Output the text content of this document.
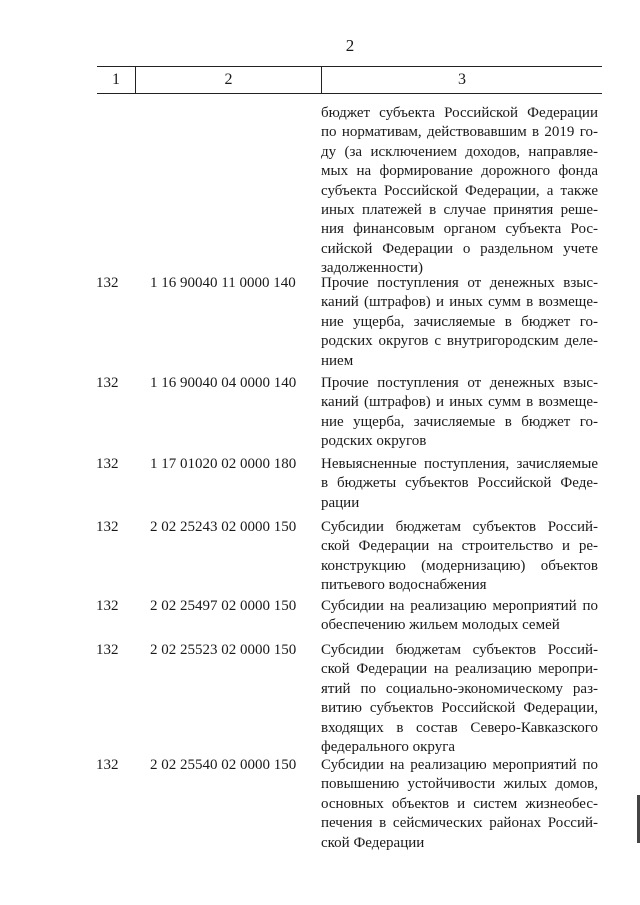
2
1	2	3
бюджет субъекта Российской Федерации
по нормативам, действовавшим в 2019 го-
ду (за исключением доходов, направляе-
мых на формирование дорожного фонда
субъекта Российской Федерации, а также
иных платежей в случае принятия реше-
ния финансовым органом субъекта Рос-
сийской Федерации о раздельном учете
задолженности)
132	1 16 90040 11 0000 140	Прочие поступления от денежных взыс-
каний (штрафов) и иных сумм в возмеще-
ние ущерба, зачисляемые в бюджет го-
родских округов с внутригородским деле-
нием
132	1 16 90040 04 0000 140	Прочие поступления от денежных взыс-
каний (штрафов) и иных сумм в возмеще-
ние ущерба, зачисляемые в бюджет го-
родских округов
132	1 17 01020 02 0000 180	Невыясненные поступления, зачисляемые
в бюджеты субъектов Российской Феде-
рации
132	2 02 25243 02 0000 150	Субсидии бюджетам субъектов Россий-
ской Федерации на строительство и ре-
конструкцию (модернизацию) объектов
питьевого водоснабжения
132	2 02 25497 02 0000 150	Субсидии на реализацию мероприятий по
обеспечению жильем молодых семей
132	2 02 25523 02 0000 150	Субсидии бюджетам субъектов Россий-
ской Федерации на реализацию меропри-
ятий по социально-экономическому раз-
витию субъектов Российской Федерации,
входящих в состав Северо-Кавказского
федерального округа
132	2 02 25540 02 0000 150	Субсидии на реализацию мероприятий по
повышению устойчивости жилых домов,
основных объектов и систем жизнеобес-
печения в сейсмических районах Россий-
ской Федерации
